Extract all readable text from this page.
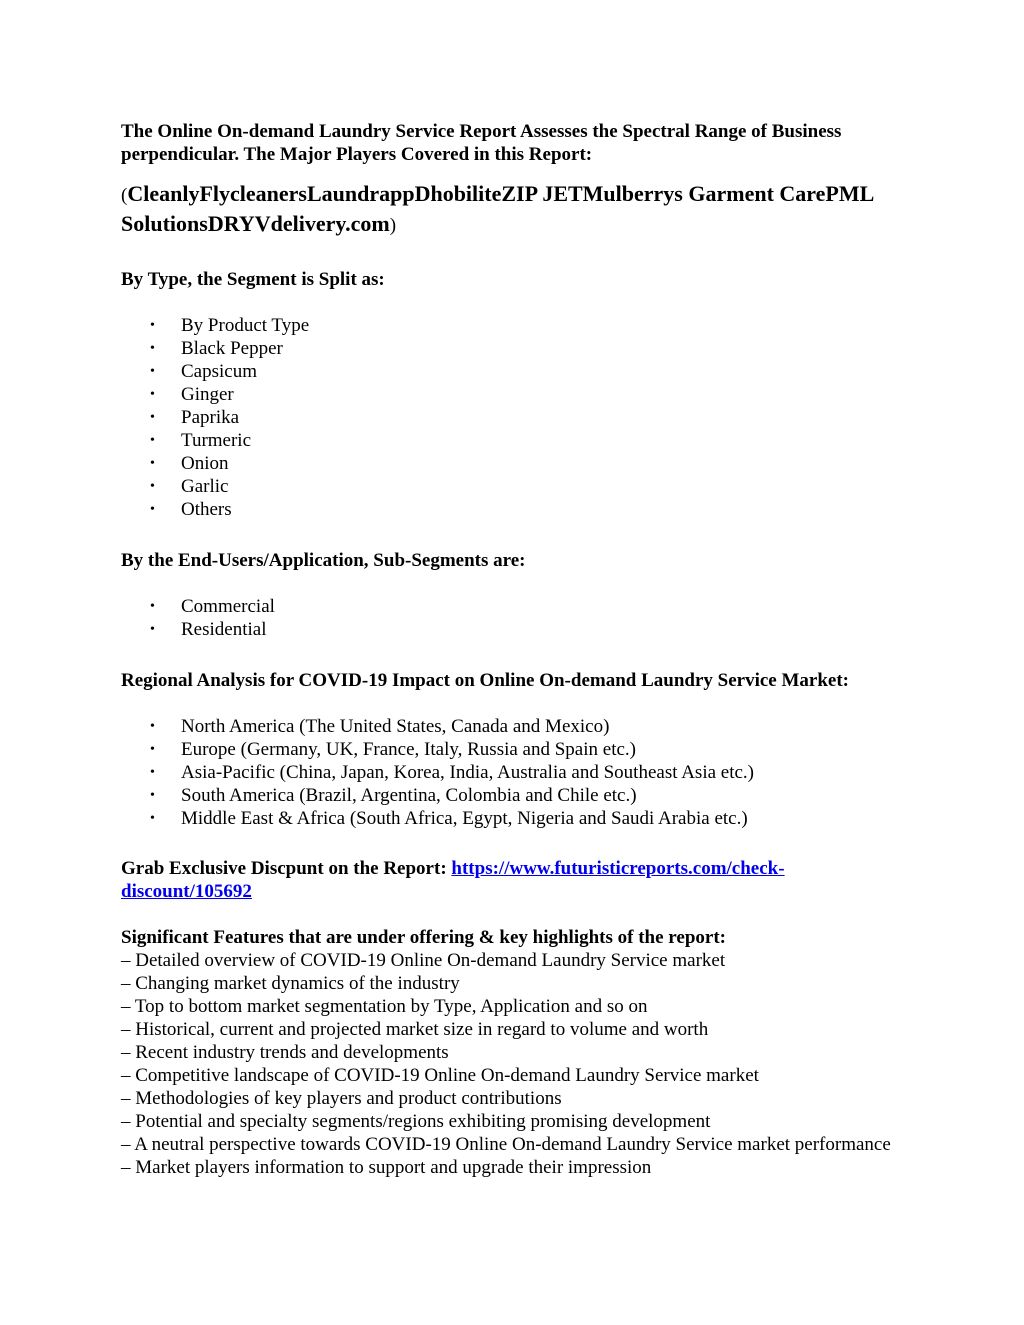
The Online On-demand Laundry Service Report Assesses the Spectral Range of Business perpendicular. The Major Players Covered in this Report:

(CleanlyFlycleanersLaundrappDhobiliteZIP JETMulberrys Garment CarePML SolutionsDRYVdelivery.com)

By Type, the Segment is Split as:

• By Product Type
• Black Pepper
• Capsicum
• Ginger
• Paprika
• Turmeric
• Onion
• Garlic
• Others

By the End-Users/Application, Sub-Segments are:

• Commercial
• Residential

Regional Analysis for COVID-19 Impact on Online On-demand Laundry Service Market:

• North America (The United States, Canada and Mexico)
• Europe (Germany, UK, France, Italy, Russia and Spain etc.)
• Asia-Pacific (China, Japan, Korea, India, Australia and Southeast Asia etc.)
• South America (Brazil, Argentina, Colombia and Chile etc.)
• Middle East & Africa (South Africa, Egypt, Nigeria and Saudi Arabia etc.)

Grab Exclusive Discpunt on the Report: https://www.futuristicreports.com/check-discount/105692

Significant Features that are under offering & key highlights of the report:

– Detailed overview of COVID-19 Online On-demand Laundry Service market
– Changing market dynamics of the industry
– Top to bottom market segmentation by Type, Application and so on
– Historical, current and projected market size in regard to volume and worth
– Recent industry trends and developments
– Competitive landscape of COVID-19 Online On-demand Laundry Service market
– Methodologies of key players and product contributions
– Potential and specialty segments/regions exhibiting promising development
– A neutral perspective towards COVID-19 Online On-demand Laundry Service market performance
– Market players information to support and upgrade their impression
